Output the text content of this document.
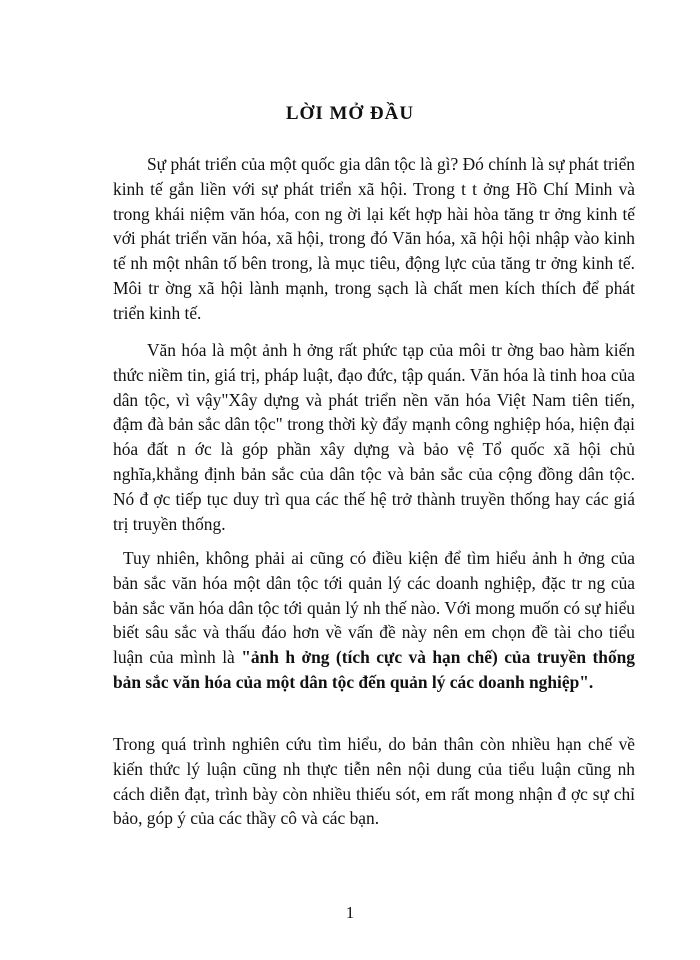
LỜI MỞ ĐẦU

Sự phát triển của một quốc gia dân tộc là gì? Đó chính là sự phát triển kinh tế gắn liền với sự phát triển xã hội. Trong t t ởng Hồ Chí Minh và trong khái niệm văn hóa, con ng ời lại kết hợp hài hòa tăng tr ởng kinh tế với phát triển văn hóa, xã hội, trong đó Văn hóa, xã hội hội nhập vào kinh tế nh một nhân tố bên trong, là mục tiêu, động lực của tăng tr ởng kinh tế. Môi tr ờng xã hội lành mạnh, trong sạch là chất men kích thích để phát triển kinh tế.

Văn hóa là một ảnh h ởng rất phức tạp của môi tr ờng bao hàm kiến thức niềm tin, giá trị, pháp luật, đạo đức, tập quán. Văn hóa là tinh hoa của dân tộc, vì vậy"Xây dựng và phát triển nền văn hóa Việt Nam tiên tiến, đậm đà bản sắc dân tộc" trong thời kỳ đẩy mạnh công nghiệp hóa, hiện đại hóa đất n ớc là góp phần xây dựng và bảo vệ Tổ quốc xã hội chủ nghĩa,khẳng định bản sắc của dân tộc và bản sắc của cộng đồng dân tộc. Nó đ ợc tiếp tục duy trì qua các thế hệ trở thành truyền thống hay các giá trị truyền thống.

Tuy nhiên, không phải ai cũng có điều kiện để tìm hiểu ảnh h ởng của bản sắc văn hóa một dân tộc tới quản lý các doanh nghiệp, đặc tr ng của bản sắc văn hóa dân tộc tới quản lý nh thế nào. Với mong muốn có sự hiểu biết sâu sắc và thấu đáo hơn về vấn đề này nên em chọn đề tài cho tiểu luận của mình là "ảnh h ởng (tích cực và hạn chế) của truyền thống bản sắc văn hóa của một dân tộc đến quản lý các doanh nghiệp".

Trong quá trình nghiên cứu tìm hiểu, do bản thân còn nhiều hạn chế về kiến thức lý luận cũng nh thực tiễn nên nội dung của tiểu luận cũng nh cách diễn đạt, trình bày còn nhiều thiếu sót, em rất mong nhận đ ợc sự chỉ bảo, góp ý của các thầy cô và các bạn.

1
